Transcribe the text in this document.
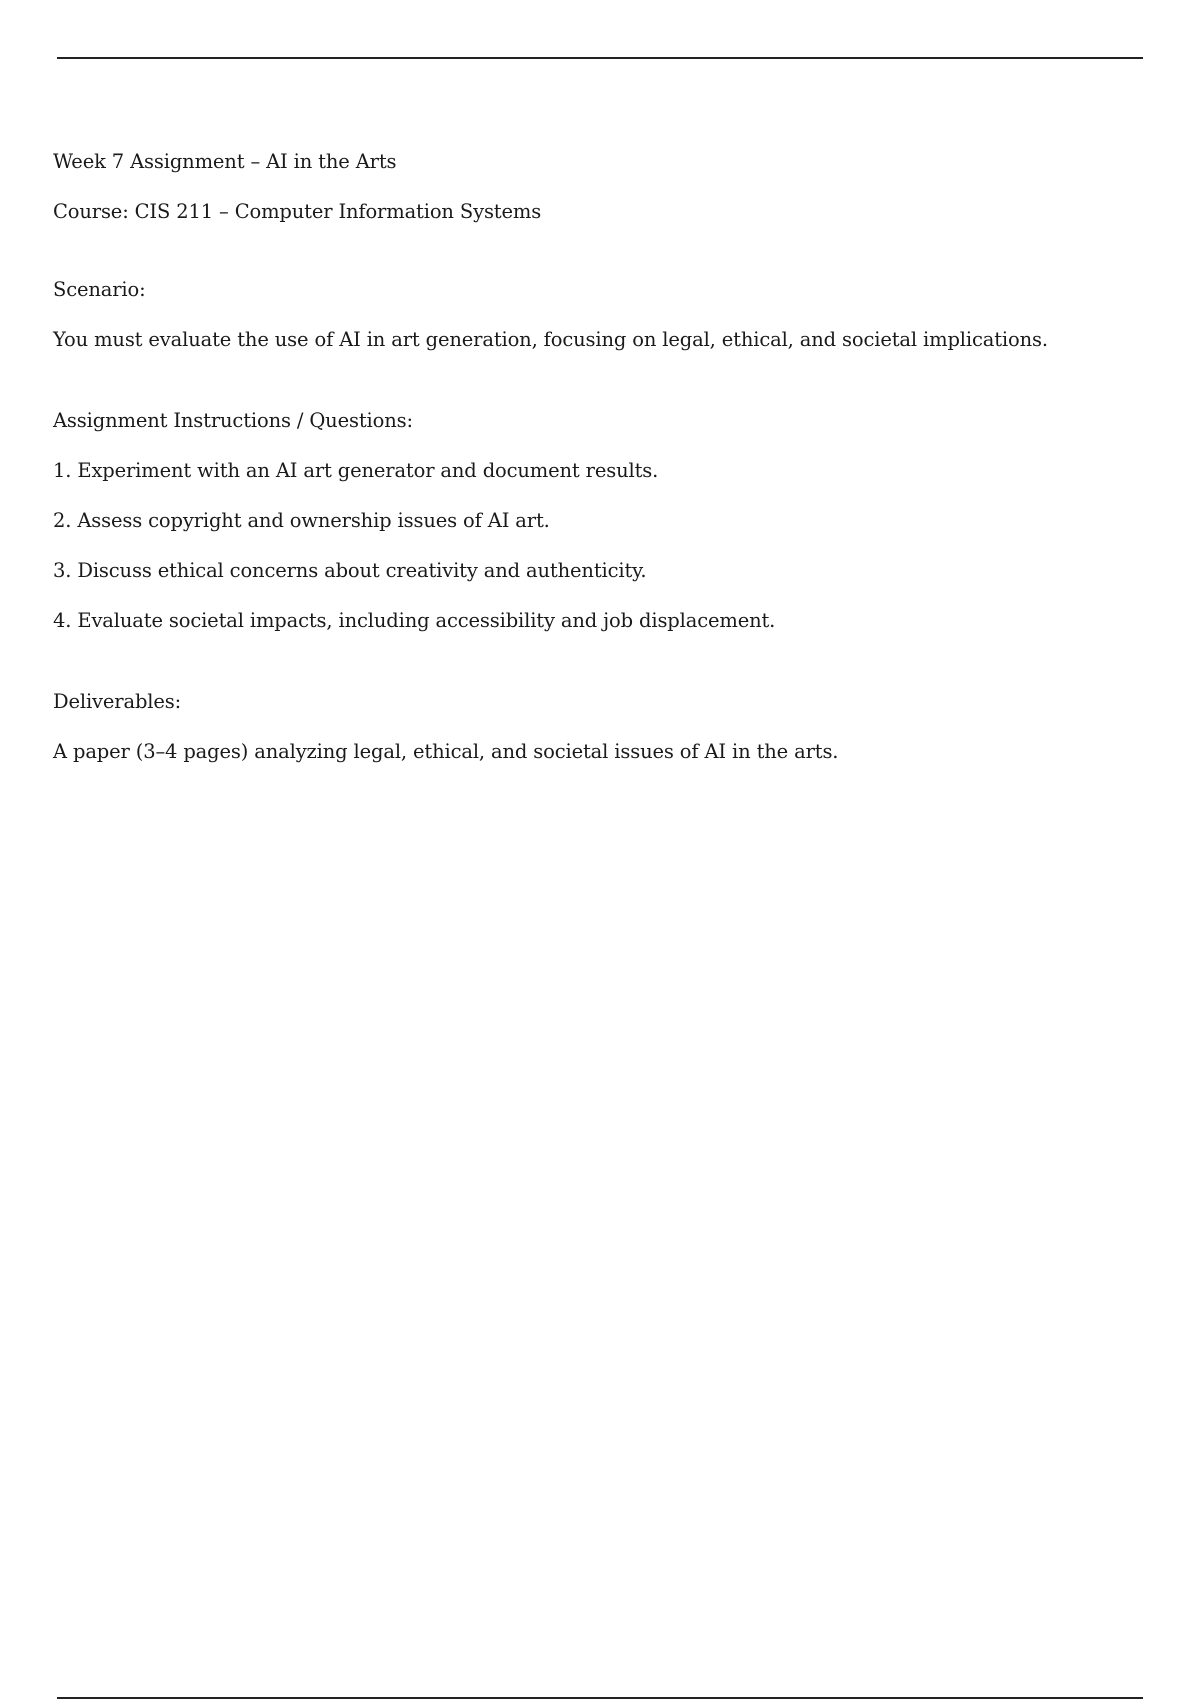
Week 7 Assignment – AI in the Arts

Course: CIS 211 – Computer Information Systems

Scenario:

You must evaluate the use of AI in art generation, focusing on legal, ethical, and societal implications.

Assignment Instructions / Questions:

1. Experiment with an AI art generator and document results.
2. Assess copyright and ownership issues of AI art.
3. Discuss ethical concerns about creativity and authenticity.
4. Evaluate societal impacts, including accessibility and job displacement.

Deliverables:

A paper (3–4 pages) analyzing legal, ethical, and societal issues of AI in the arts.
